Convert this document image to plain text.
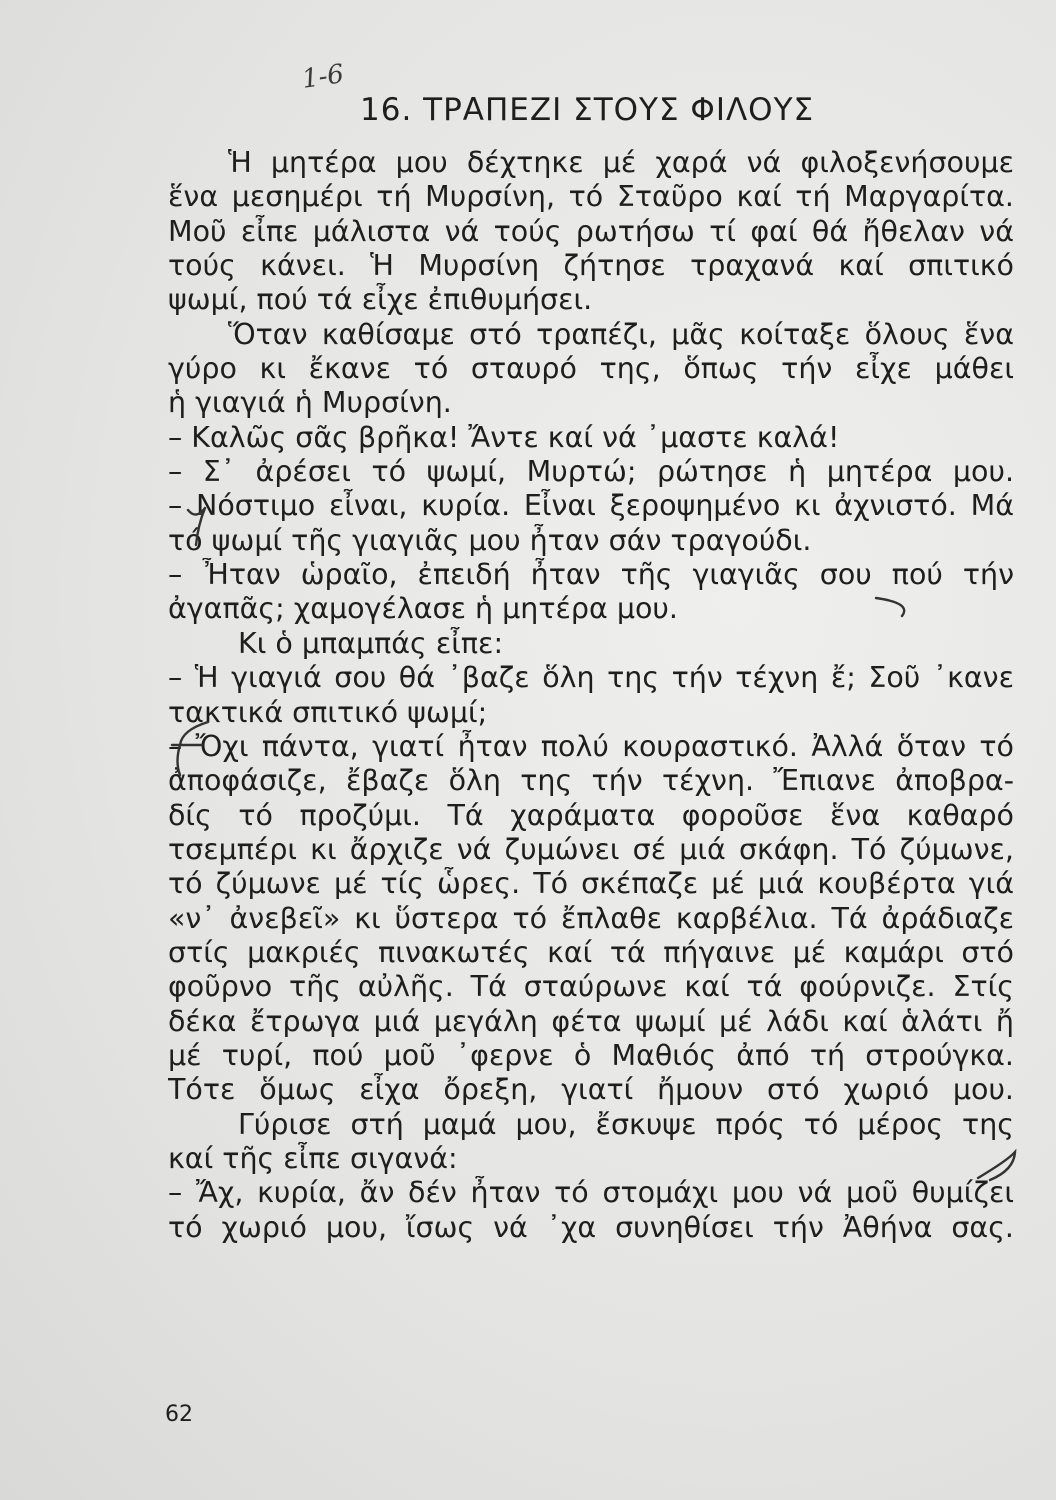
1-6
16. ΤΡΑΠΕΖΙ ΣΤΟΥΣ ΦΙΛΟΥΣ
Ἡ μητέρα μου δέχτηκε μέ χαρά νά φιλοξενήσουμε
ἕνα μεσημέρι τή Μυρσίνη, τό Σταῦρο καί τή Μαργαρίτα.
Μοῦ εἶπε μάλιστα νά τούς ρωτήσω τί φαί θά ἤθελαν νά
τούς κάνει. Ἡ Μυρσίνη ζήτησε τραχανά καί σπιτικό
ψωμί, πού τά εἶχε ἐπιθυμήσει.
Ὅταν καθίσαμε στό τραπέζι, μᾶς κοίταξε ὅλους ἕνα
γύρο κι ἔκανε τό σταυρό της, ὅπως τήν εἶχε μάθει
ἡ γιαγιά ἡ Μυρσίνη.
– Καλῶς σᾶς βρῆκα! Ἄντε καί νά ᾽μαστε καλά!
– Σ᾽ ἀρέσει τό ψωμί, Μυρτώ; ρώτησε ἡ μητέρα μου.
– Νόστιμο εἶναι, κυρία. Εἶναι ξεροψημένο κι ἀχνιστό. Μά
τό ψωμί τῆς γιαγιᾶς μου ἦταν σάν τραγούδι.
– Ἦταν ὡραῖο, ἐπειδή ἦταν τῆς γιαγιᾶς σου πού τήν
ἀγαπᾶς; χαμογέλασε ἡ μητέρα μου.
Κι ὁ μπαμπάς εἶπε:
– Ἡ γιαγιά σου θά ᾽βαζε ὅλη της τήν τέχνη ἔ; Σοῦ ᾽κανε
τακτικά σπιτικό ψωμί;
– Ὄχι πάντα, γιατί ἦταν πολύ κουραστικό. Ἀλλά ὅταν τό
ἀποφάσιζε, ἔβαζε ὅλη της τήν τέχνη. Ἔπιανε ἀποβρα-
δίς τό προζύμι. Τά χαράματα φοροῦσε ἕνα καθαρό
τσεμπέρι κι ἄρχιζε νά ζυμώνει σέ μιά σκάφη. Τό ζύμωνε,
τό ζύμωνε μέ τίς ὧρες. Τό σκέπαζε μέ μιά κουβέρτα γιά
«ν᾽ ἀνεβεῖ» κι ὕστερα τό ἔπλαθε καρβέλια. Τά ἀράδιαζε
στίς μακριές πινακωτές καί τά πήγαινε μέ καμάρι στό
φοῦρνο τῆς αὐλῆς. Τά σταύρωνε καί τά φούρνιζε. Στίς
δέκα ἔτρωγα μιά μεγάλη φέτα ψωμί μέ λάδι καί ἁλάτι ἤ
μέ τυρί, πού μοῦ ᾽φερνε ὁ Μαθιός ἀπό τή στρούγκα.
Τότε ὅμως εἶχα ὄρεξη, γιατί ἤμουν στό χωριό μου.
Γύρισε στή μαμά μου, ἔσκυψε πρός τό μέρος της
καί τῆς εἶπε σιγανά:
– Ἄχ, κυρία, ἄν δέν ἦταν τό στομάχι μου νά μοῦ θυμίζει
τό χωριό μου, ἴσως νά ᾽χα συνηθίσει τήν Ἀθήνα σας.
62
